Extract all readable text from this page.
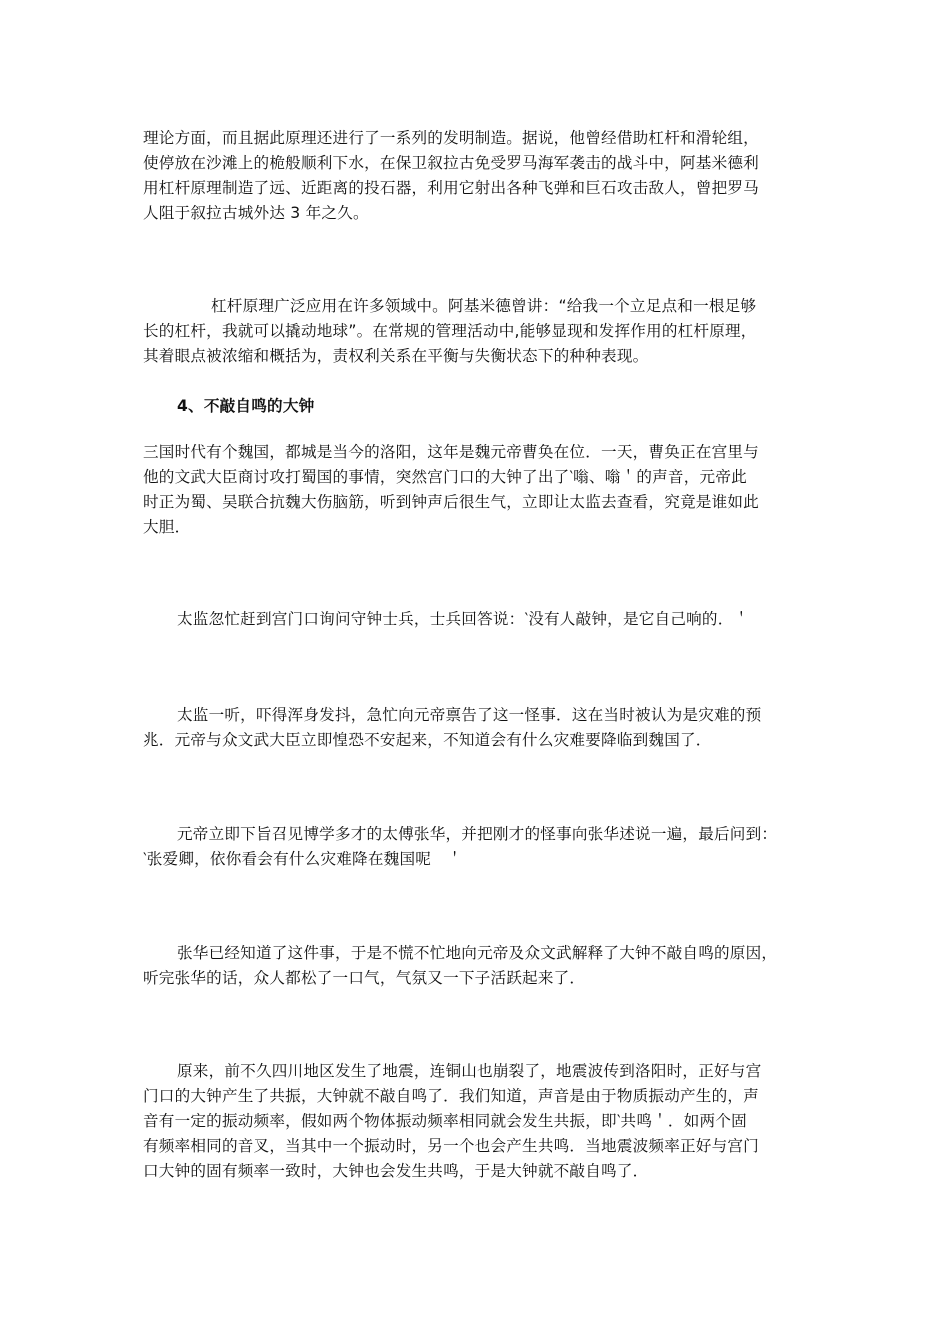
理论方面，而且据此原理还进行了一系列的发明制造。据说，他曾经借助杠杆和滑轮组，
使停放在沙滩上的桅般顺利下水，在保卫叙拉古免受罗马海军袭击的战斗中，阿基米德利
用杠杆原理制造了远、近距离的投石器，利用它射出各种飞弹和巨石攻击敌人，曾把罗马
人阻于叙拉古城外达 3 年之久。
杠杆原理广泛应用在许多领域中。阿基米德曾讲：“给我一个立足点和一根足够
长的杠杆，我就可以撬动地球”。在常规的管理活动中,能够显现和发挥作用的杠杆原理，
其着眼点被浓缩和概括为，责权利关系在平衡与失衡状态下的种种表现。
4、不敲自鸣的大钟
三国时代有个魏国，都城是当今的洛阳，这年是魏元帝曹奂在位．一天，曹奂正在宫里与
他的文武大臣商讨攻打蜀国的事情，突然宫门口的大钟了出了‵嗡、嗡＇的声音，元帝此
时正为蜀、吴联合抗魏大伤脑筋，听到钟声后很生气，立即让太监去查看，究竟是谁如此
大胆．
太监忽忙赶到宫门口询问守钟士兵，士兵回答说：‵没有人敲钟，是它自己响的．＇
太监一听，吓得浑身发抖，急忙向元帝禀告了这一怪事．这在当时被认为是灾难的预
兆．元帝与众文武大臣立即惶恐不安起来，不知道会有什么灾难要降临到魏国了．
元帝立即下旨召见博学多才的太傅张华，并把刚才的怪事向张华述说一遍，最后问到：
‵张爱卿，依你看会有什么灾难降在魏国呢　＇
张华已经知道了这件事，于是不慌不忙地向元帝及众文武解释了大钟不敲自鸣的原因，
听完张华的话，众人都松了一口气，气氛又一下子活跃起来了．
原来，前不久四川地区发生了地震，连铜山也崩裂了，地震波传到洛阳时，正好与宫
门口的大钟产生了共振，大钟就不敲自鸣了．我们知道，声音是由于物质振动产生的，声
音有一定的振动频率，假如两个物体振动频率相同就会发生共振，即‵共鸣＇．如两个固
有频率相同的音叉，当其中一个振动时，另一个也会产生共鸣．当地震波频率正好与宫门
口大钟的固有频率一致时，大钟也会发生共鸣，于是大钟就不敲自鸣了．
